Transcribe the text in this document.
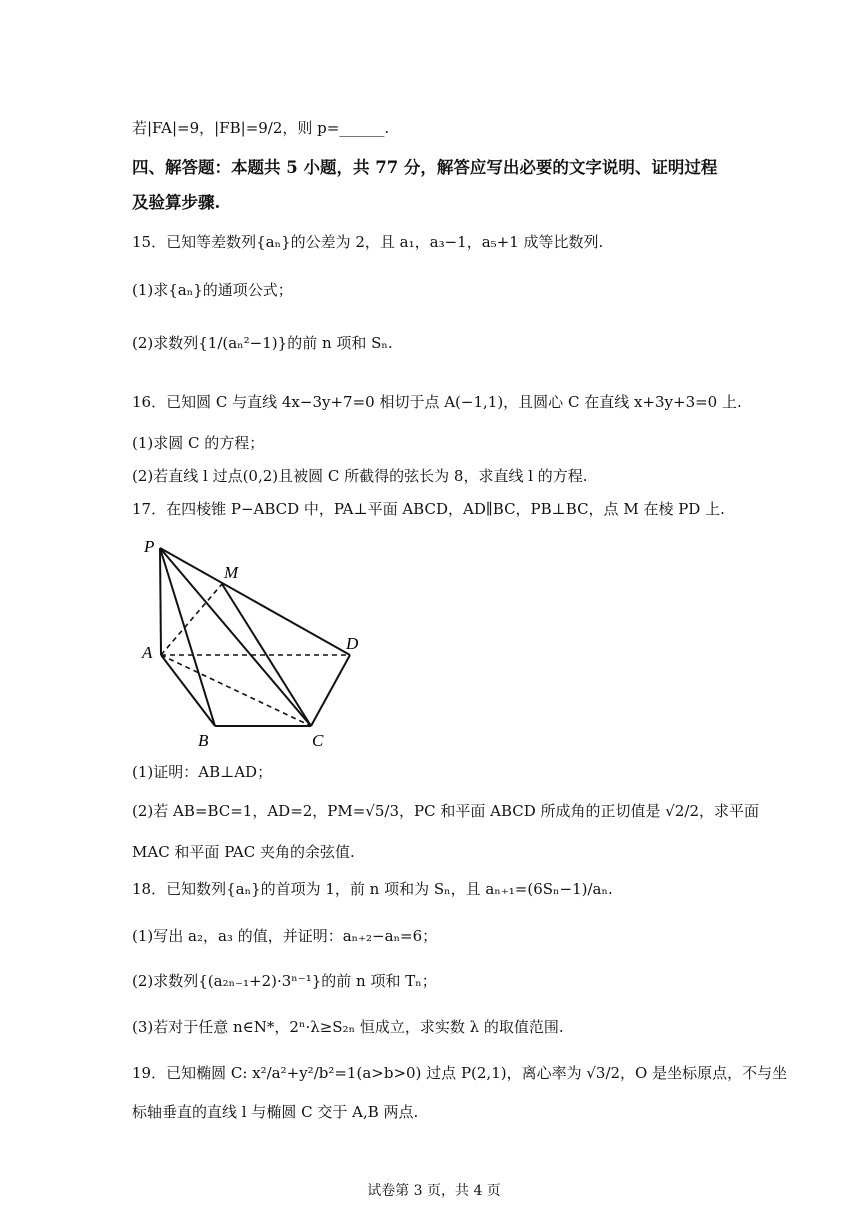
若|FA|=9，|FB|=9/2，则 p=______.
四、解答题：本题共 5 小题，共 77 分，解答应写出必要的文字说明、证明过程
及验算步骤.
15．已知等差数列{aₙ}的公差为 2，且 a₁，a₃−1，a₅+1 成等比数列.
(1)求{aₙ}的通项公式；
(2)求数列{1/(aₙ²−1)}的前 n 项和 Sₙ.
16．已知圆 C 与直线 4x−3y+7=0 相切于点 A(−1,1)，且圆心 C 在直线 x+3y+3=0 上.
(1)求圆 C 的方程；
(2)若直线 l 过点(0,2)且被圆 C 所截得的弦长为 8，求直线 l 的方程.
17．在四棱锥 P−ABCD 中，PA⊥平面 ABCD，AD∥BC，PB⊥BC，点 M 在棱 PD 上.
P
M
A	D
B	C
(1)证明：AB⊥AD；
(2)若 AB=BC=1，AD=2，PM=√5/3，PC 和平面 ABCD 所成角的正切值是 √2/2，求平面
MAC 和平面 PAC 夹角的余弦值.
18．已知数列{aₙ}的首项为 1，前 n 项和为 Sₙ，且 aₙ₊₁=(6Sₙ−1)/aₙ.
(1)写出 a₂，a₃ 的值，并证明：aₙ₊₂−aₙ=6；
(2)求数列{(a₂ₙ₋₁+2)·3ⁿ⁻¹}的前 n 项和 Tₙ；
(3)若对于任意 n∈N*，2ⁿ·λ≥S₂ₙ 恒成立，求实数 λ 的取值范围.
19．已知椭圆 C: x²/a²+y²/b²=1(a>b>0) 过点 P(2,1)，离心率为 √3/2，O 是坐标原点，不与坐
标轴垂直的直线 l 与椭圆 C 交于 A,B 两点.
试卷第 3 页，共 4 页
